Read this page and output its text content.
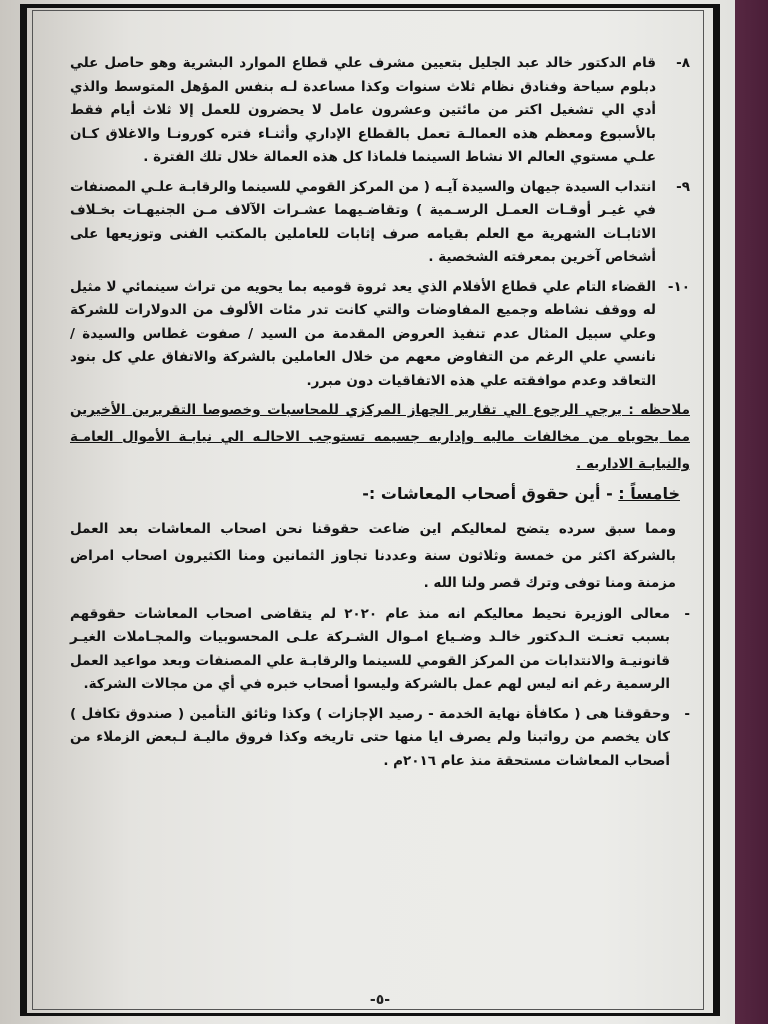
٨-
قام الدكتور خالد عبد الجليل بتعيين مشرف علي قطاع الموارد البشرية وهو حاصل علي دبلوم سياحة وفنادق نظام ثلاث سنوات وكذا مساعدة لـه بنفس المؤهل المتوسط والذي أدي الي تشغيل اكتر من مائتين وعشرون عامل لا يحضرون للعمل إلا ثلاث أيام فقط بالأسبوع ومعظم هذه العمالـة تعمل بالقطاع الإداري وأثنـاء فتره كورونـا والاغلاق كـان علـي مستوي العالم الا نشاط السينما فلماذا كل هذه العمالة خلال تلك الفترة .
٩-
انتداب السيدة جيهان والسيدة آيـه ( من المركز القومي للسينما والرقابـة علـي المصنفات في غيـر أوقـات العمـل الرسـمية ) وتقاضـيهما عشـرات الآلاف مـن الجنيهـات بخـلاف الاثابـات الشهرية مع العلم بقيامه صرف إثابات للعاملين بالمكتب الفنى وتوزيعها على أشخاص آخرين بمعرفته الشخصية .
١٠-
القضاء التام علي قطاع الأفلام الذي يعد ثروة قوميه بما يحويه من تراث سينمائي لا مثيل له ووقف نشاطه وجميع المفاوضات والتي كانت تدر مئات الألوف من الدولارات للشركة وعلي سبيل المثال عدم تنفيذ العروض المقدمة من السيد / صفوت غطاس والسيدة / نانسي علي الرغم من التفاوض معهم من خلال العاملين بالشركة والاتفاق علي كل بنود التعاقد وعدم موافقته علي هذه الاتفاقيات دون مبرر.
ملاحظه : يرجي الرجوع الي تقارير الجهاز المركزي للمحاسبات وخصوصا التقريرين الأخيرين مما يحوياه من مخالفات ماليه وإداريه جسيمه تستوجب الاحالـه الي نيابـة الأموال العامـة والنيابـة الاداريه .
خامساً : - أين حقوق أصحاب المعاشات :-
ومما سبق سرده يتضح لمعاليكم اين ضاعت حقوقنا نحن اصحاب المعاشات بعد العمل بالشركة اكثر من خمسة وثلاثون سنة وعددنا تجاوز الثمانين ومنا الكثيرون اصحاب امراض مزمنة ومنا توفى وترك قصر ولنا الله .
-
معالى الوزيرة نحيط معاليكم انه منذ عام ٢٠٢٠ لم يتقاضى اصحاب المعاشات حقوقهم بسبب تعنـت الـدكتور خالـد وضـياع امـوال الشـركة علـى المحسوبيات والمجـاملات الغيـر قانونيـة والانتدابات من المركز القومي للسينما والرقابـة علي المصنفات وبعد مواعيد العمل الرسمية رغم انه ليس لهم عمل بالشركة وليسوا أصحاب خبره في أي من مجالات الشركة.
-
وحقوقنا هى ( مكافأة نهاية الخدمة - رصيد الإجازات ) وكذا وثائق التأمين ( صندوق تكافل ) كان يخصم من رواتبنا ولم يصرف ايا منها حتى تاريخه وكذا فروق ماليـة لـبعض الزملاء من أصحاب المعاشات مستحقة منذ عام ٢٠١٦م .
-٥-
